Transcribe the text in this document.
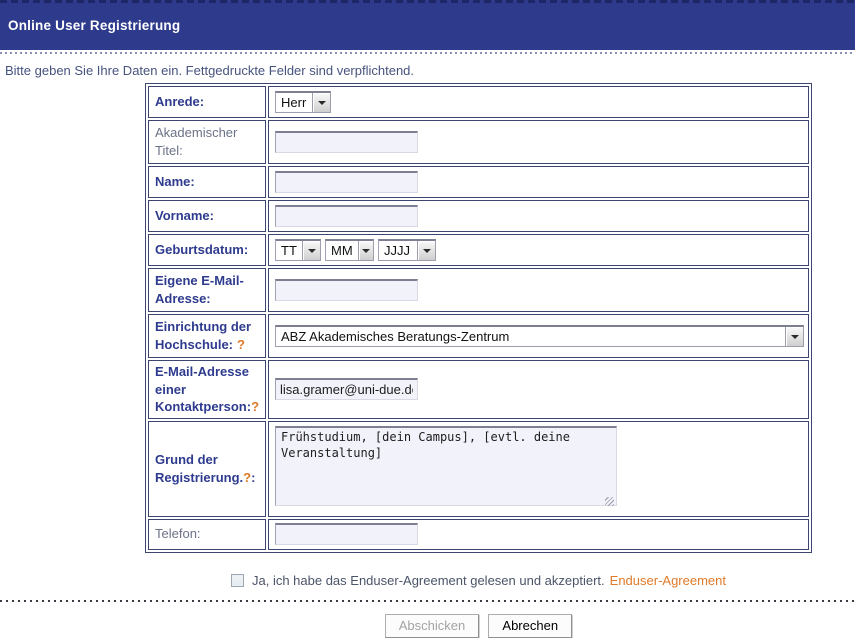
Online User Registrierung

Bitte geben Sie Ihre Daten ein. Fettgedruckte Felder sind verpflichtend.

Anrede:	Herr

Akademischer Titel:	
Name:	
Vorname:	
Geburtsdatum:	TT MM JJJJ

Eigene E-Mail-Adresse:	
Einrichtung der Hochschule: ?	ABZ Akademisches Beratungs-Zentrum

E-Mail-Adresse einer Kontaktperson:?	lisa.gramer@uni-due.de
Grund der Registrierung.?:	Frühstudium, [dein Campus], [evtl. deine Veranstaltung]

Telefon:	
Ja, ich habe das Enduser-Agreement gelesen und akzeptiert. Enduser-Agreement
Abschicken	Abrechen
